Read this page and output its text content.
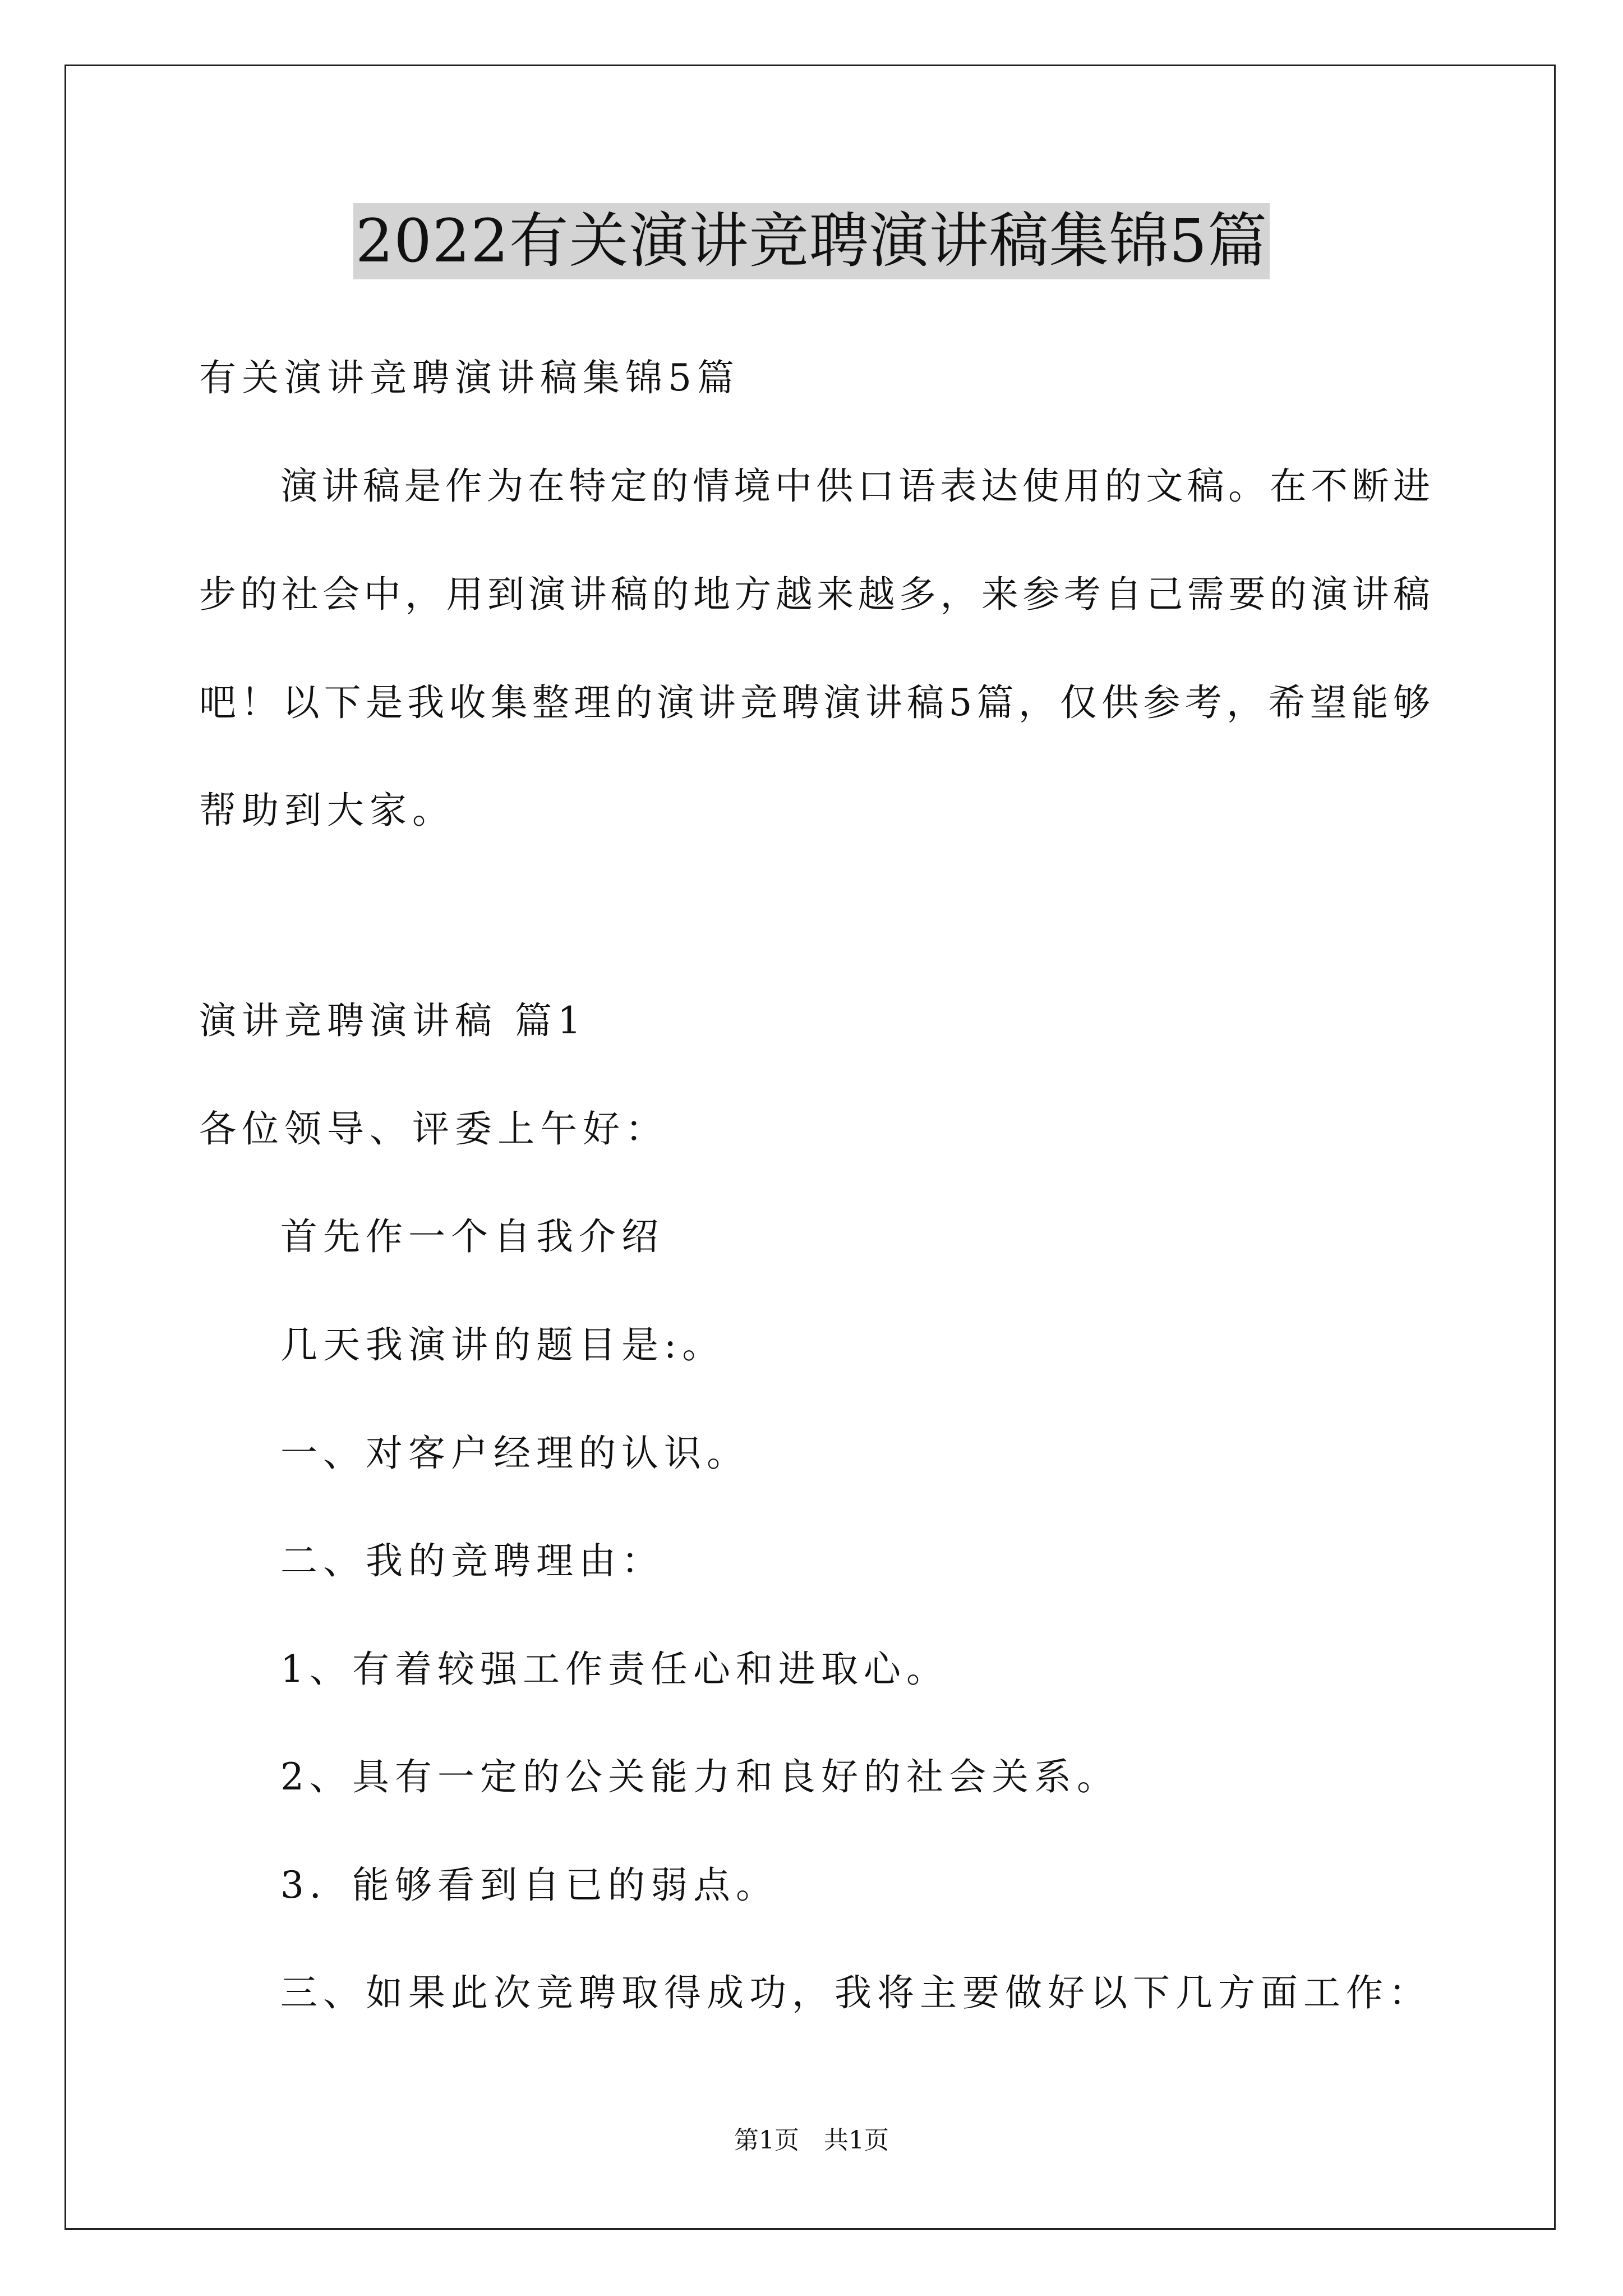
2022有关演讲竞聘演讲稿集锦5篇
有关演讲竞聘演讲稿集锦5篇
演讲稿是作为在特定的情境中供口语表达使用的文稿。在不断进
步的社会中，用到演讲稿的地方越来越多，来参考自己需要的演讲稿
吧！以下是我收集整理的演讲竞聘演讲稿5篇，仅供参考，希望能够
帮助到大家。
演讲竞聘演讲稿 篇1
各位领导、评委上午好：
首先作一个自我介绍
几天我演讲的题目是:。
一、对客户经理的认识。
二、我的竞聘理由：
1、有着较强工作责任心和进取心。
2、具有一定的公关能力和良好的社会关系。
3．能够看到自已的弱点。
三、如果此次竞聘取得成功，我将主要做好以下几方面工作：
第1页　共1页
